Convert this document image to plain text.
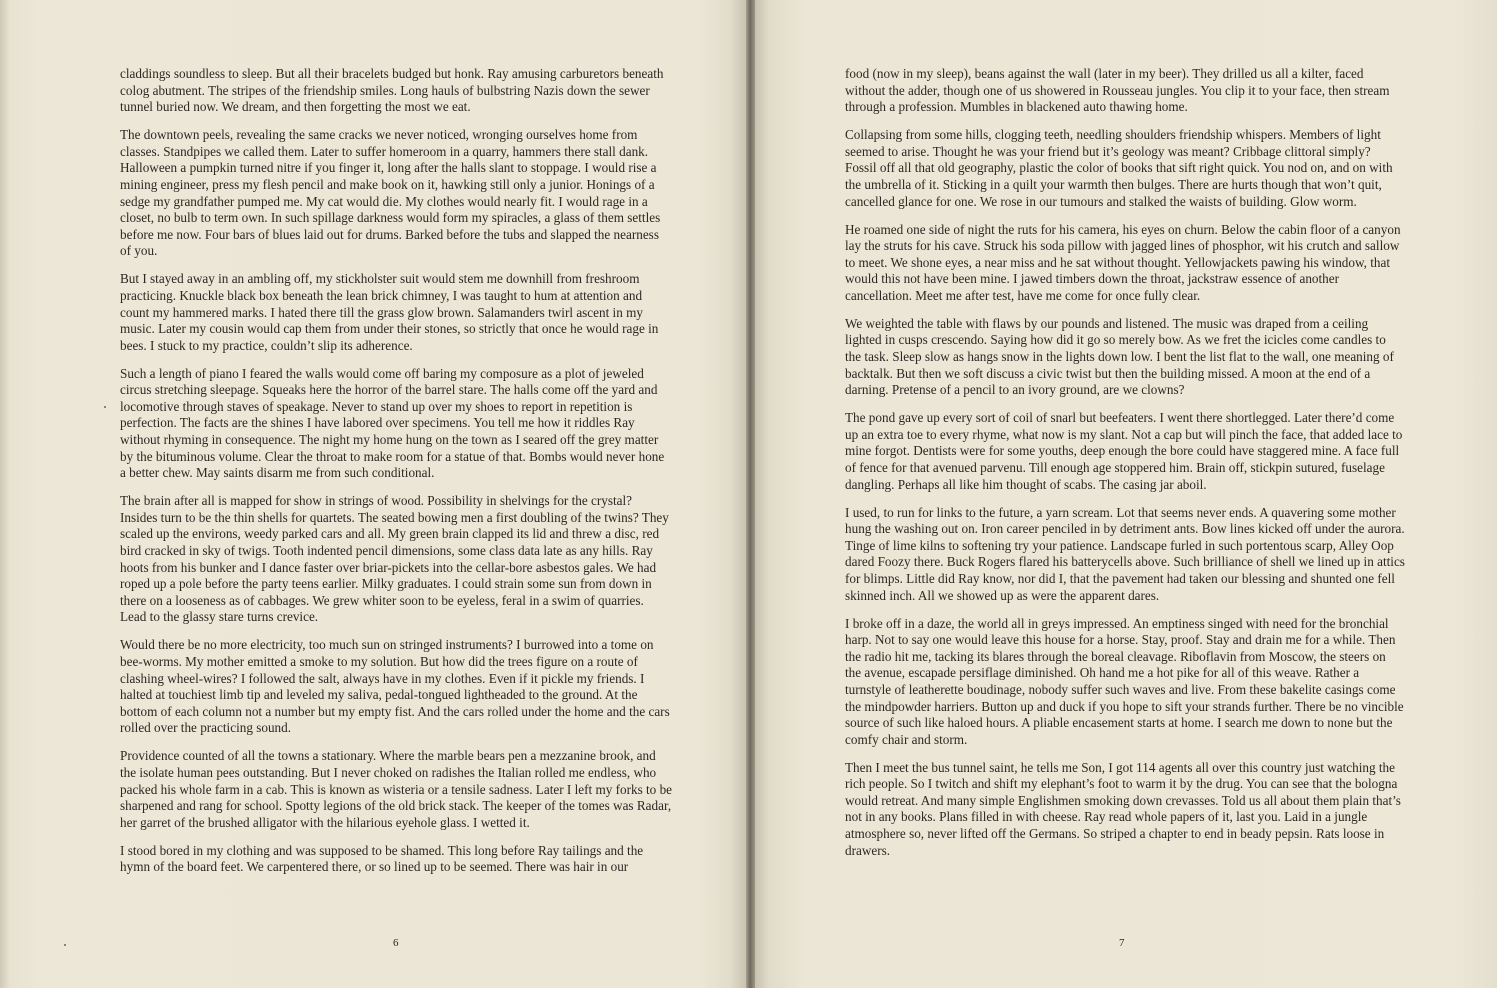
claddings soundless to sleep. But all their bracelets budged but honk. Ray amusing carburetors beneath colog abutment. The stripes of the friendship smiles. Long hauls of bulbstring Nazis down the sewer tunnel buried now. We dream, and then forgetting the most we eat.

The downtown peels, revealing the same cracks we never noticed, wronging ourselves home from classes. Standpipes we called them. Later to suffer homeroom in a quarry, hammers there stall dank. Halloween a pumpkin turned nitre if you finger it, long after the halls slant to stoppage. I would rise a mining engineer, press my flesh pencil and make book on it, hawking still only a junior. Honings of a sedge my grandfather pumped me. My cat would die. My clothes would nearly fit. I would rage in a closet, no bulb to term own. In such spillage darkness would form my spiracles, a glass of them settles before me now. Four bars of blues laid out for drums. Barked before the tubs and slapped the nearness of you.

But I stayed away in an ambling off, my stickholster suit would stem me downhill from freshroom practicing. Knuckle black box beneath the lean brick chimney, I was taught to hum at attention and count my hammered marks. I hated there till the grass glow brown. Salamanders twirl ascent in my music. Later my cousin would cap them from under their stones, so strictly that once he would rage in bees. I stuck to my practice, couldn’t slip its adherence.

Such a length of piano I feared the walls would come off baring my composure as a plot of jeweled circus stretching sleepage. Squeaks here the horror of the barrel stare. The halls come off the yard and locomotive through staves of speakage. Never to stand up over my shoes to report in repetition is perfection. The facts are the shines I have labored over specimens. You tell me how it riddles Ray without rhyming in consequence. The night my home hung on the town as I seared off the grey matter by the bituminous volume. Clear the throat to make room for a statue of that. Bombs would never hone a better chew. May saints disarm me from such conditional.

The brain after all is mapped for show in strings of wood. Possibility in shelvings for the crystal? Insides turn to be the thin shells for quartets. The seated bowing men a first doubling of the twins? They scaled up the environs, weedy parked cars and all. My green brain clapped its lid and threw a disc, red bird cracked in sky of twigs. Tooth indented pencil dimensions, some class data late as any hills. Ray hoots from his bunker and I dance faster over briar-pickets into the cellar-bore asbestos gales. We had roped up a pole before the party teens earlier. Milky graduates. I could strain some sun from down in there on a looseness as of cabbages. We grew whiter soon to be eyeless, feral in a swim of quarries. Lead to the glassy stare turns crevice.

Would there be no more electricity, too much sun on stringed instruments? I burrowed into a tome on bee-worms. My mother emitted a smoke to my solution. But how did the trees figure on a route of clashing wheel-wires? I followed the salt, always have in my clothes. Even if it pickle my friends. I halted at touchiest limb tip and leveled my saliva, pedal-tongued lightheaded to the ground. At the bottom of each column not a number but my empty fist. And the cars rolled under the home and the cars rolled over the practicing sound.

Providence counted of all the towns a stationary. Where the marble bears pen a mezzanine brook, and the isolate human pees outstanding. But I never choked on radishes the Italian rolled me endless, who packed his whole farm in a cab. This is known as wisteria or a tensile sadness. Later I left my forks to be sharpened and rang for school. Spotty legions of the old brick stack. The keeper of the tomes was Radar, her garret of the brushed alligator with the hilarious eyehole glass. I wetted it.

I stood bored in my clothing and was supposed to be shamed. This long before Ray tailings and the hymn of the board feet. We carpentered there, or so lined up to be seemed. There was hair in our

6

food (now in my sleep), beans against the wall (later in my beer). They drilled us all a kilter, faced without the adder, though one of us showered in Rousseau jungles. You clip it to your face, then stream through a profession. Mumbles in blackened auto thawing home.

Collapsing from some hills, clogging teeth, needling shoulders friendship whispers. Members of light seemed to arise. Thought he was your friend but it’s geology was meant? Cribbage clittoral simply? Fossil off all that old geography, plastic the color of books that sift right quick. You nod on, and on with the umbrella of it. Sticking in a quilt your warmth then bulges. There are hurts though that won’t quit, cancelled glance for one. We rose in our tumours and stalked the waists of building. Glow worm.

He roamed one side of night the ruts for his camera, his eyes on churn. Below the cabin floor of a canyon lay the struts for his cave. Struck his soda pillow with jagged lines of phosphor, wit his crutch and sallow to meet. We shone eyes, a near miss and he sat without thought. Yellowjackets pawing his window, that would this not have been mine. I jawed timbers down the throat, jackstraw essence of another cancellation. Meet me after test, have me come for once fully clear.

We weighted the table with flaws by our pounds and listened. The music was draped from a ceiling lighted in cusps crescendo. Saying how did it go so merely bow. As we fret the icicles come candles to the task. Sleep slow as hangs snow in the lights down low. I bent the list flat to the wall, one meaning of backtalk. But then we soft discuss a civic twist but then the building missed. A moon at the end of a darning. Pretense of a pencil to an ivory ground, are we clowns?

The pond gave up every sort of coil of snarl but beefeaters. I went there shortlegged. Later there’d come up an extra toe to every rhyme, what now is my slant. Not a cap but will pinch the face, that added lace to mine forgot. Dentists were for some youths, deep enough the bore could have staggered mine. A face full of fence for that avenued parvenu. Till enough age stoppered him. Brain off, stickpin sutured, fuselage dangling. Perhaps all like him thought of scabs. The casing jar aboil.

I used, to run for links to the future, a yarn scream. Lot that seems never ends. A quavering some mother hung the washing out on. Iron career penciled in by detriment ants. Bow lines kicked off under the aurora. Tinge of lime kilns to softening try your patience. Landscape furled in such portentous scarp, Alley Oop dared Foozy there. Buck Rogers flared his batterycells above. Such brilliance of shell we lined up in attics for blimps. Little did Ray know, nor did I, that the pavement had taken our blessing and shunted one fell skinned inch. All we showed up as were the apparent dares.

I broke off in a daze, the world all in greys impressed. An emptiness singed with need for the bronchial harp. Not to say one would leave this house for a horse. Stay, proof. Stay and drain me for a while. Then the radio hit me, tacking its blares through the boreal cleavage. Riboflavin from Moscow, the steers on the avenue, escapade persiflage diminished. Oh hand me a hot pike for all of this weave. Rather a turnstyle of leatherette boudinage, nobody suffer such waves and live. From these bakelite casings come the mindpowder harriers. Button up and duck if you hope to sift your strands further. There be no vincible source of such like haloed hours. A pliable encasement starts at home. I search me down to none but the comfy chair and storm.

Then I meet the bus tunnel saint, he tells me Son, I got 114 agents all over this country just watching the rich people. So I twitch and shift my elephant’s foot to warm it by the drug. You can see that the bologna would retreat. And many simple Englishmen smoking down crevasses. Told us all about them plain that’s not in any books. Plans filled in with cheese. Ray read whole papers of it, last you. Laid in a jungle atmosphere so, never lifted off the Germans. So striped a chapter to end in beady pepsin. Rats loose in drawers.

7
